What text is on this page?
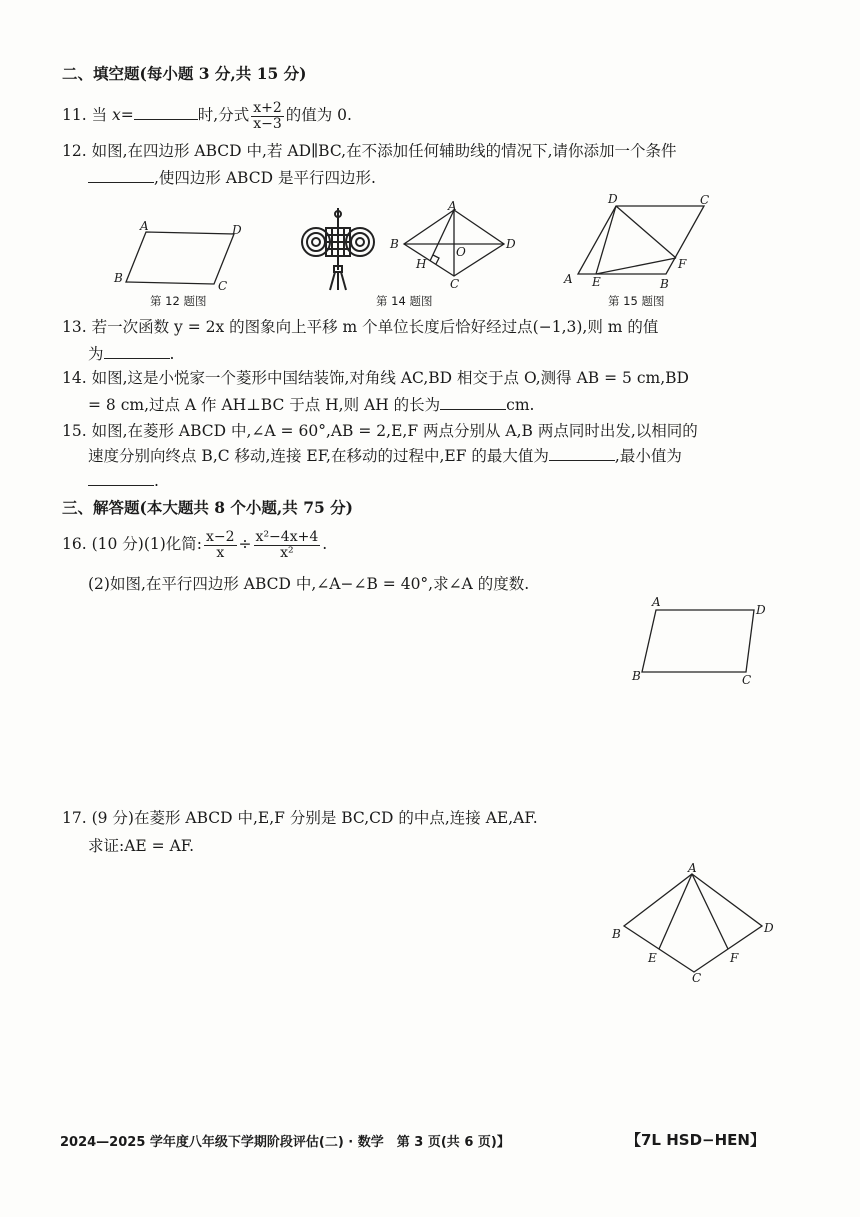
二、填空题(每小题 3 分,共 15 分)
11. 当 x=	时,分式 $\frac{x+2}{x-3}$ 的值为 0.
12. 如图,在四边形 ABCD 中,若 AD∥BC,在不添加任何辅助线的情况下,请你添加一个条件
,使四边形 ABCD 是平行四边形.
A	D
B
C
第 12 题图
A
B
O
D
H
C
第 14 题图
D	C
F
A E	B
第 15 题图
13. 若一次函数 y = 2x 的图象向上平移 m 个单位长度后恰好经过点(−1,3),则 m 的值
为	.
14. 如图,这是小悦家一个菱形中国结装饰,对角线 AC,BD 相交于点 O,测得 AB = 5 cm,BD
= 8 cm,过点 A 作 AH⊥BC 于点 H,则 AH 的长为	cm.
15. 如图,在菱形 ABCD 中,∠A = 60°,AB = 2,E,F 两点分别从 A,B 两点同时出发,以相同的
速度分别向终点 B,C 移动,连接 EF,在移动的过程中,EF 的最大值为	,最小值为
.
三、解答题(本大题共 8 个小题,共 75 分)
16. (10 分)(1)化简: $\frac{x-2}{x} \div \frac{\text{x²−4x+4}}{\text{x²}}$ .
(2)如图,在平行四边形 ABCD 中,∠A−∠B = 40°,求∠A 的度数.
A
D
B	C
17. (9 分)在菱形 ABCD 中,E,F 分别是 BC,CD 的中点,连接 AE,AF.
求证:AE = AF.
A
B	D
E	F
C
2024—2025 学年度八年级下学期阶段评估(二) · 数学　第 3 页(共 6 页)】	【7L HSD−HEN】
